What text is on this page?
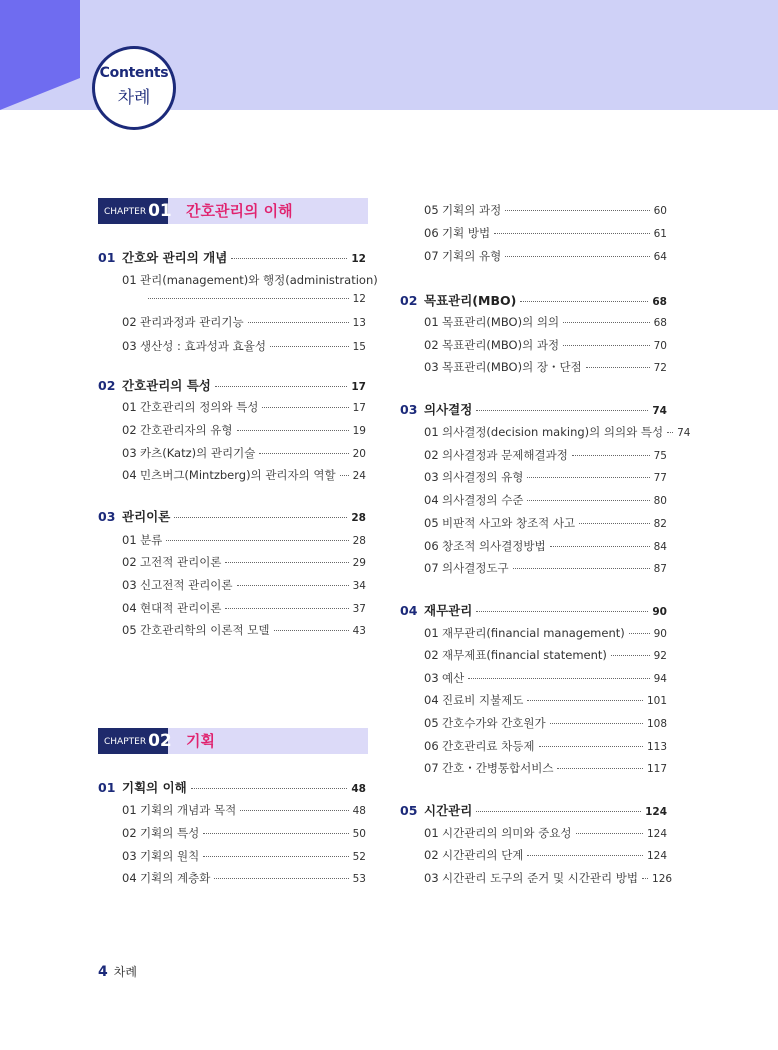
Contents
차례
CHAPTER 01 간호관리의 이해
CHAPTER 02 기획
01 간호와 관리의 개념	12
01 관리(management)와 행정(administration)
12
02 관리과정과 관리기능	13
03 생산성 : 효과성과 효율성	15
02 간호관리의 특성	17
01 간호관리의 정의와 특성	17
02 간호관리자의 유형	19
03 카츠(Katz)의 관리기술	20
04 민츠버그(Mintzberg)의 관리자의 역할 24
03 관리이론	28
01 분류	28
02 고전적 관리이론	29
03 신고전적 관리이론	34
04 현대적 관리이론	37
05 간호관리학의 이론적 모델	43
01 기획의 이해	48
01 기획의 개념과 목적	48
02 기획의 특성	50
03 기획의 원칙	52
04 기획의 계층화	53
05 기획의 과정	60
06 기획 방법	61
07 기획의 유형	64
02 목표관리(MBO)	68
01 목표관리(MBO)의 의의	68
02 목표관리(MBO)의 과정	70
03 목표관리(MBO)의 장・단점	72
03 의사결정	74
01 의사결정(decision making)의 의의와 특성 74
02 의사결정과 문제해결과정	75
03 의사결정의 유형	77
04 의사결정의 수준	80
05 비판적 사고와 창조적 사고	82
06 창조적 의사결정방법	84
07 의사결정도구	87
04 재무관리	90
01 재무관리(financial management)	90
02 재무제표(financial statement)	92
03 예산	94
04 진료비 지불제도	101
05 간호수가와 간호원가	108
06 간호관리료 차등제	113
07 간호・간병통합서비스	117
05 시간관리	124
01 시간관리의 의미와 중요성	124
02 시간관리의 단계	124
03 시간관리 도구의 준거 및 시간관리 방법 126
4 차례
